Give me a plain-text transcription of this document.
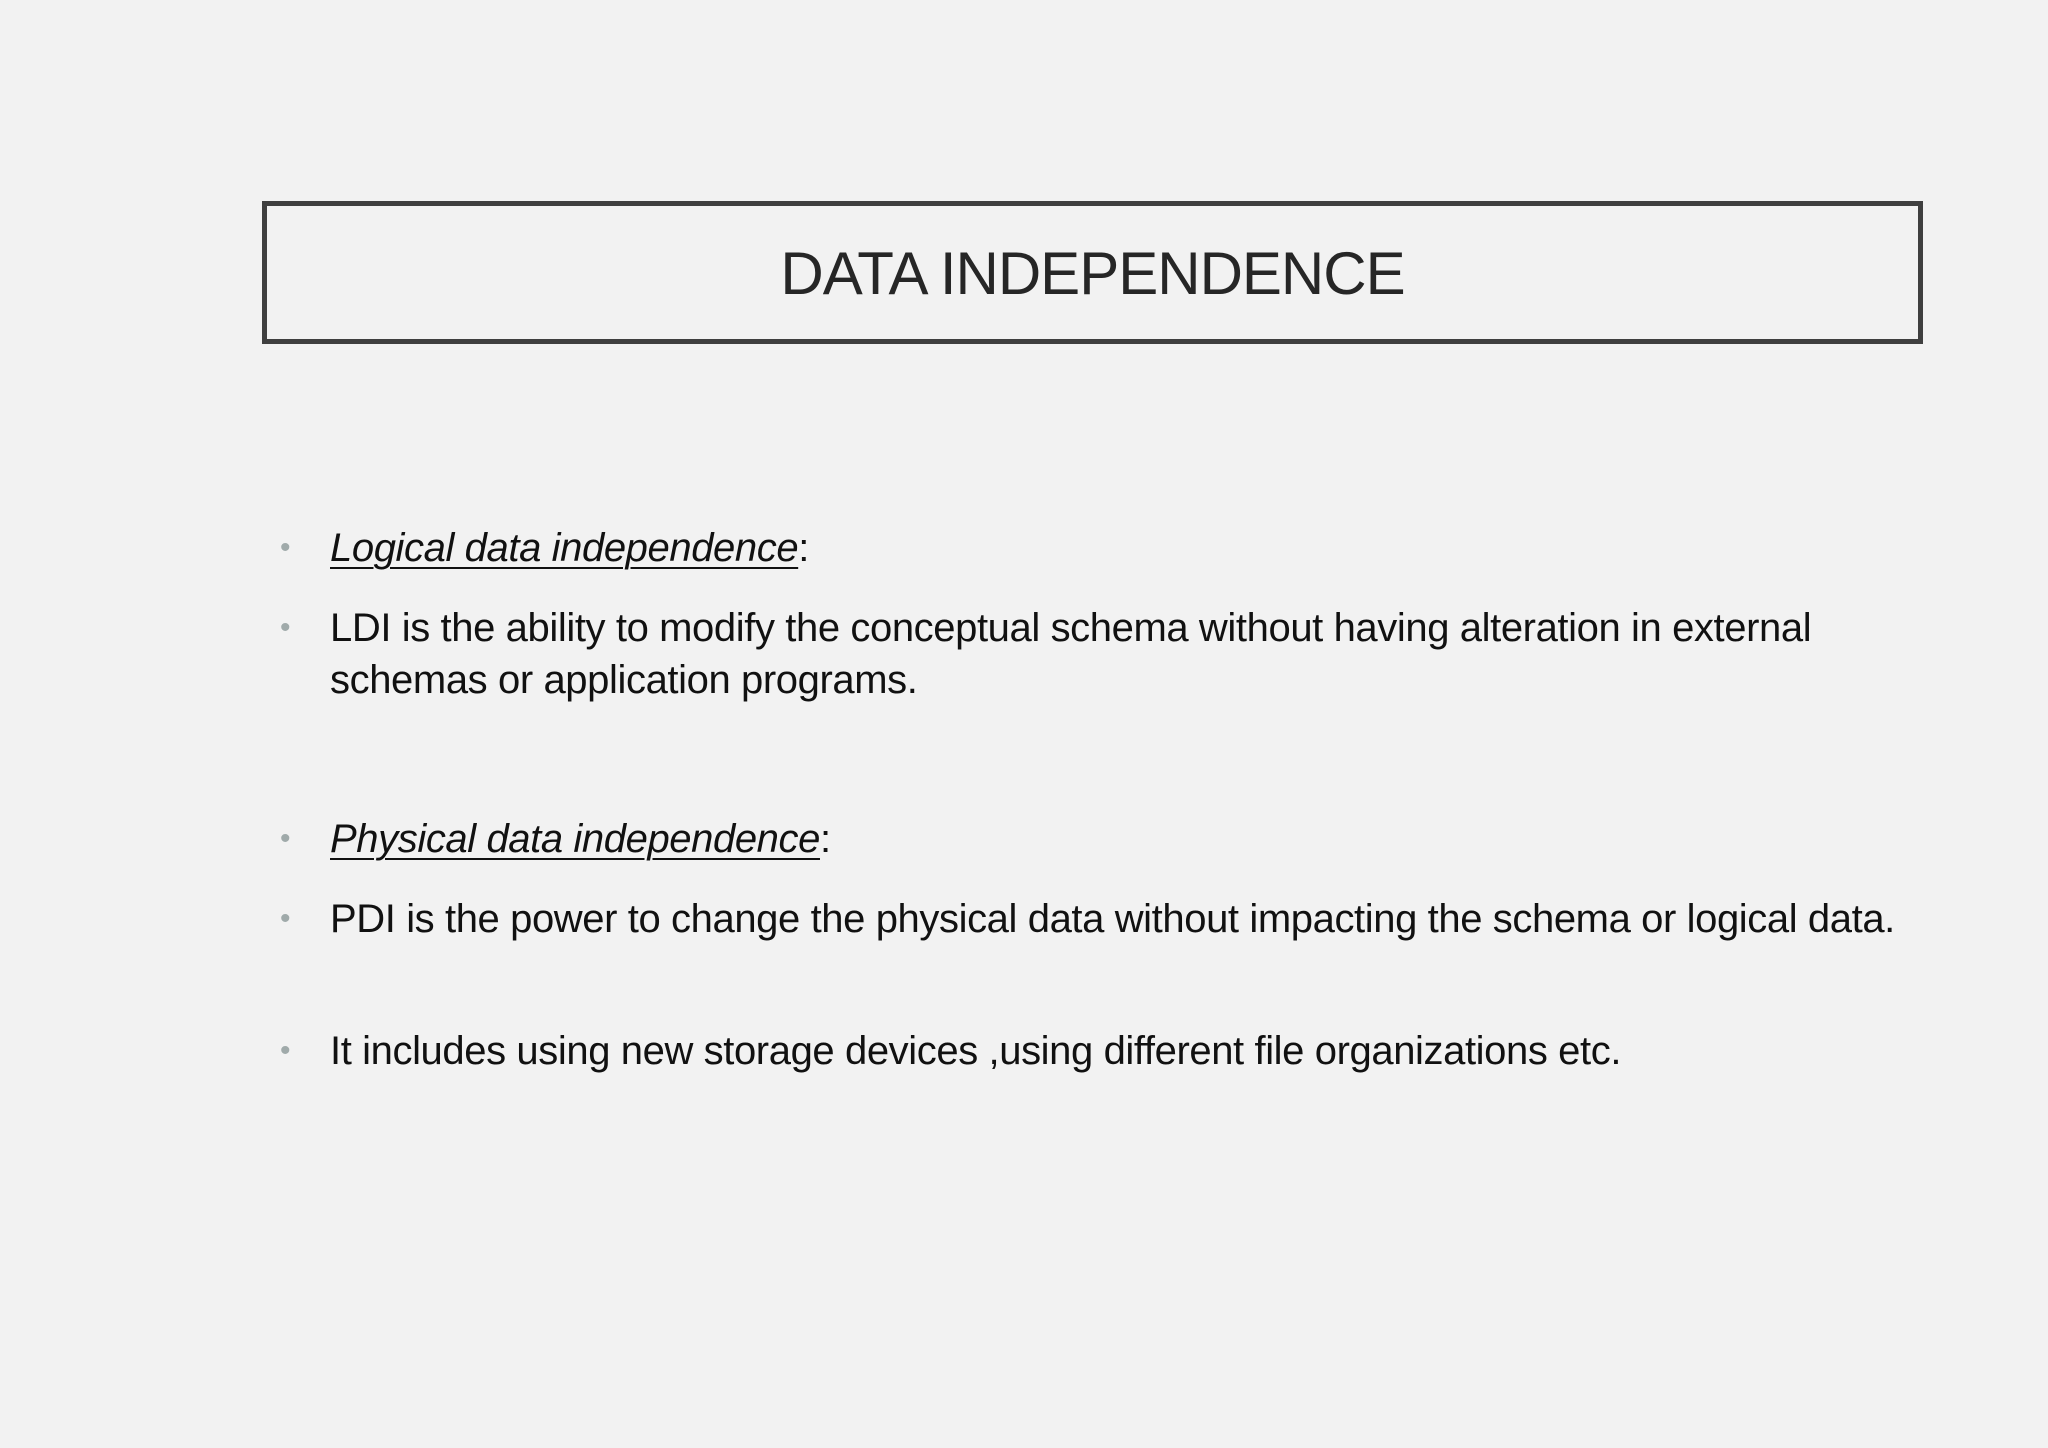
DATA INDEPENDENCE
• Logical data independence:
• LDI is the ability to modify the conceptual schema without having alteration in external schemas or application programs.
• Physical data independence:
• PDI is the power to change the physical data without impacting the schema or logical data.
• It includes using new storage devices ,using different file organizations etc.
